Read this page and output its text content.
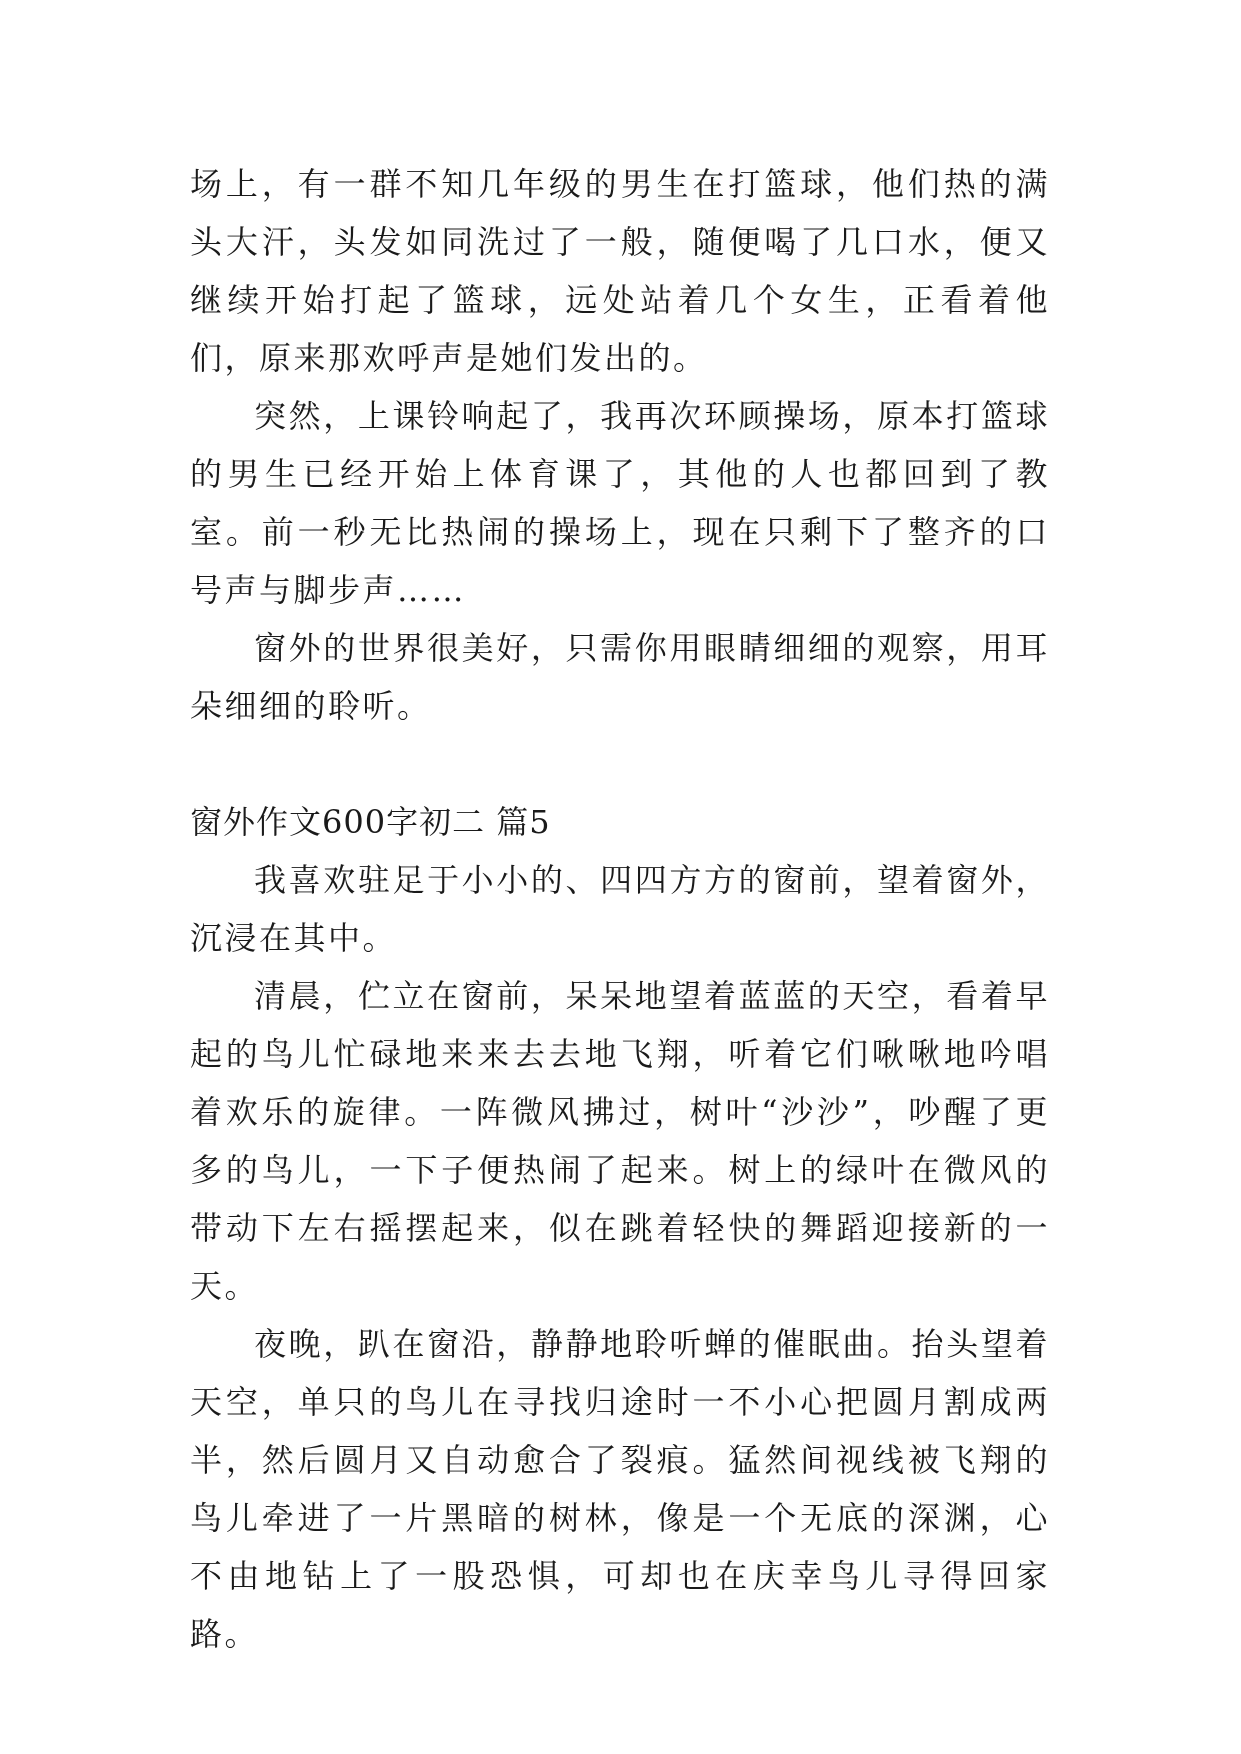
场上，有一群不知几年级的男生在打篮球，他们热的满头大汗，头发如同洗过了一般，随便喝了几口水，便又继续开始打起了篮球，远处站着几个女生，正看着他们，原来那欢呼声是她们发出的。

突然，上课铃响起了，我再次环顾操场，原本打篮球的男生已经开始上体育课了，其他的人也都回到了教室。前一秒无比热闹的操场上，现在只剩下了整齐的口号声与脚步声……

窗外的世界很美好，只需你用眼睛细细的观察，用耳朵细细的聆听。

窗外作文600字初二 篇5

我喜欢驻足于小小的、四四方方的窗前，望着窗外，沉浸在其中。

清晨，伫立在窗前，呆呆地望着蓝蓝的天空，看着早起的鸟儿忙碌地来来去去地飞翔，听着它们啾啾地吟唱着欢乐的旋律。一阵微风拂过，树叶“沙沙”，吵醒了更多的鸟儿，一下子便热闹了起来。树上的绿叶在微风的带动下左右摇摆起来，似在跳着轻快的舞蹈迎接新的一天。

夜晚，趴在窗沿，静静地聆听蝉的催眠曲。抬头望着天空，单只的鸟儿在寻找归途时一不小心把圆月割成两半，然后圆月又自动愈合了裂痕。猛然间视线被飞翔的鸟儿牵进了一片黑暗的树林，像是一个无底的深渊，心不由地钻上了一股恐惧，可却也在庆幸鸟儿寻得回家路。
